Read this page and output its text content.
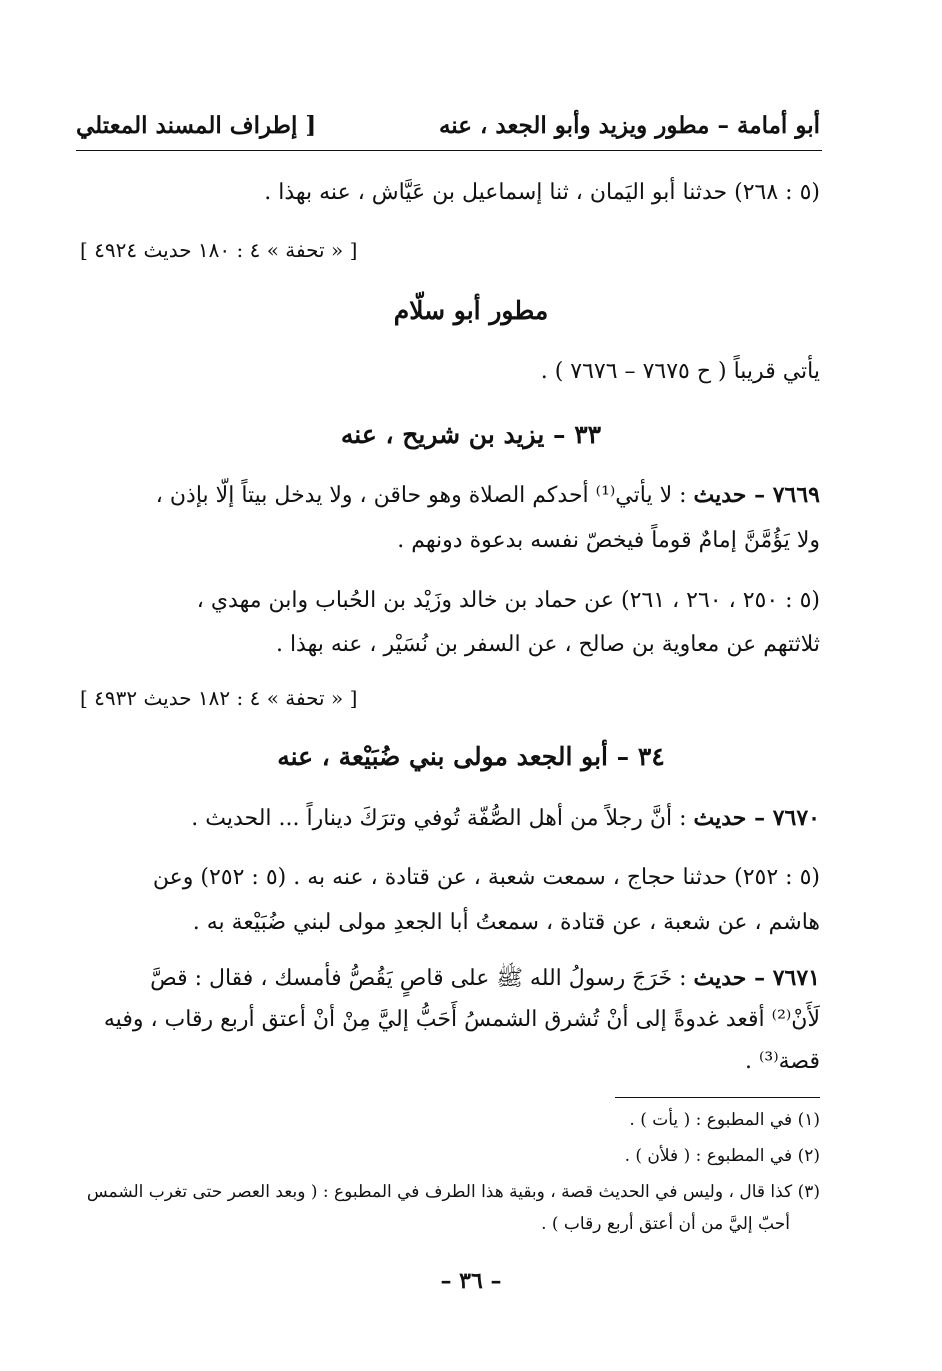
أبو أمامة – مطور ويزيد وأبو الجعد ، عنه
[ إطراف المسند المعتلي
(٥ : ٢٦٨) حدثنا أبو اليَمان ، ثنا إسماعيل بن عَيَّاش ، عنه بهذا .
[ « تحفة » ٤ : ١٨٠ حديث ٤٩٢٤ ]
مطور أبو سلّام
يأتي قريباً ( ح ٧٦٧٥ – ٧٦٧٦ ) .
٣٣ – يزيد بن شريح ، عنه
٧٦٦٩ – حديث : لا يأتي⁽¹⁾ أحدكم الصلاة وهو حاقن ، ولا يدخل بيتاً إلّا بإذن ،
ولا يَؤُمَّنَّ إمامٌ قوماً فيخصّ نفسه بدعوة دونهم .
(٥ : ٢٥٠ ، ٢٦٠ ، ٢٦١) عن حماد بن خالد وزَيْد بن الحُباب وابن مهدي ،
ثلاثتهم عن معاوية بن صالح ، عن السفر بن نُسَيْر ، عنه بهذا .
[ « تحفة » ٤ : ١٨٢ حديث ٤٩٣٢ ]
٣٤ – أبو الجعد مولى بني ضُبَيْعة ، عنه
٧٦٧٠ – حديث : أنَّ رجلاً من أهل الصُّفّة تُوفي وترَكَ ديناراً ... الحديث .
(٥ : ٢٥٢) حدثنا حجاج ، سمعت شعبة ، عن قتادة ، عنه به . (٥ : ٢٥٢) وعن
هاشم ، عن شعبة ، عن قتادة ، سمعتُ أبا الجعدِ مولى لبني ضُبَيْعة به .
٧٦٧١ – حديث : خَرَجَ رسولُ الله ﷺ على قاصٍ يَقُصُّ فأمسك ، فقال : قصَّ
لَأَنْ⁽²⁾ أقعد غدوةً إلى أنْ تُشرق الشمسُ أَحَبُّ إليَّ مِنْ أنْ أعتق أربع رقاب ، وفيه
قصة⁽³⁾ .
(١) في المطبوع : ( يأت ) .
(٢) في المطبوع : ( فلأن ) .
(٣) كذا قال ، وليس في الحديث قصة ، وبقية هذا الطرف في المطبوع : ( وبعد العصر حتى تغرب الشمس
أحبّ إليَّ من أن أعتق أربع رقاب ) .
– ٣٦ –
